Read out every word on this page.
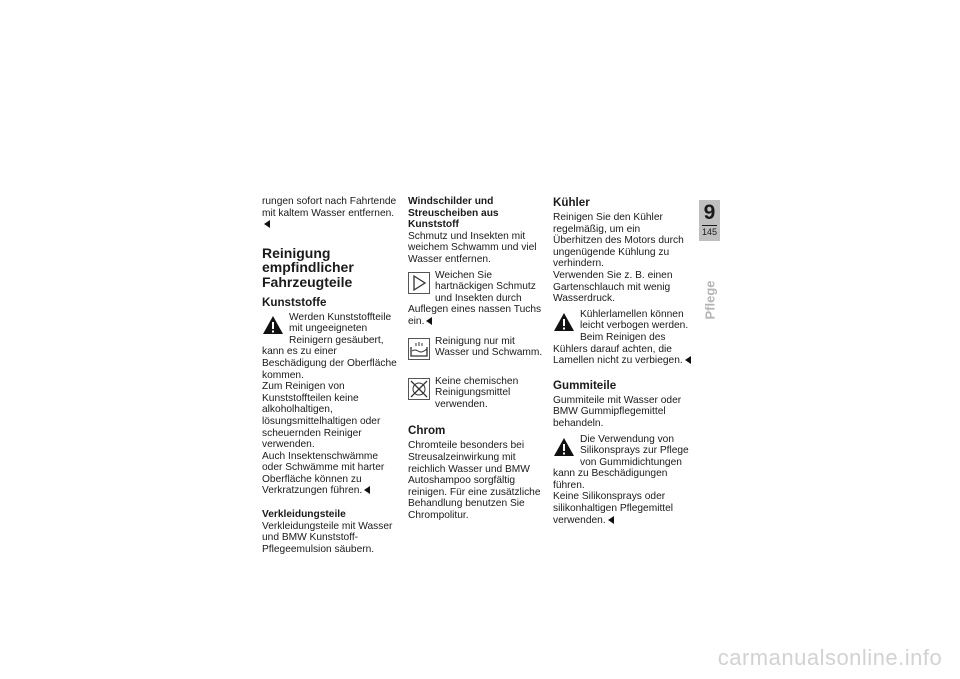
rungen sofort nach Fahrtende mit kaltem Wasser entfernen.

Reinigung empfindlicher Fahrzeugteile
Kunststoffe

Werden Kunststoffteile mit ungeeigneten Reinigern gesäubert, kann es zu einer Beschädigung der Oberfläche kommen.

Zum Reinigen von Kunststoffteilen keine alkoholhaltigen, lösungsmittelhaltigen oder scheuernden Reiniger verwenden.

Auch Insektenschwämme oder Schwämme mit harter Oberfläche können zu Verkratzungen führen.

Verkleidungsteile

Verkleidungsteile mit Wasser und BMW Kunststoff-Pflegeemulsion säubern.

Windschilder und Streuscheiben aus Kunststoff

Schmutz und Insekten mit weichem Schwamm und viel Wasser entfernen.

Weichen Sie hartnäckigen Schmutz und Insekten durch Auflegen eines nassen Tuchs ein.

Reinigung nur mit Wasser und Schwamm.

Keine chemischen Reinigungsmittel verwenden.

Chrom

Chromteile besonders bei Streusalzeinwirkung mit reichlich Wasser und BMW Autoshampoo sorgfältig reinigen. Für eine zusätzliche Behandlung benutzen Sie Chrompolitur.

Kühler

Reinigen Sie den Kühler regelmäßig, um ein Überhitzen des Motors durch ungenügende Kühlung zu verhindern.

Verwenden Sie z. B. einen Gartenschlauch mit wenig Wasserdruck.

Kühlerlamellen können leicht verbogen werden.

Beim Reinigen des Kühlers darauf achten, die Lamellen nicht zu verbiegen.

Gummiteile

Gummiteile mit Wasser oder BMW Gummipflegemittel behandeln.

Die Verwendung von Silikonsprays zur Pflege von Gummidichtungen kann zu Beschädigungen führen.

Keine Silikonsprays oder silikonhaltigen Pflegemittel verwenden.

9
145
Pflege
carmanualsonline.info
